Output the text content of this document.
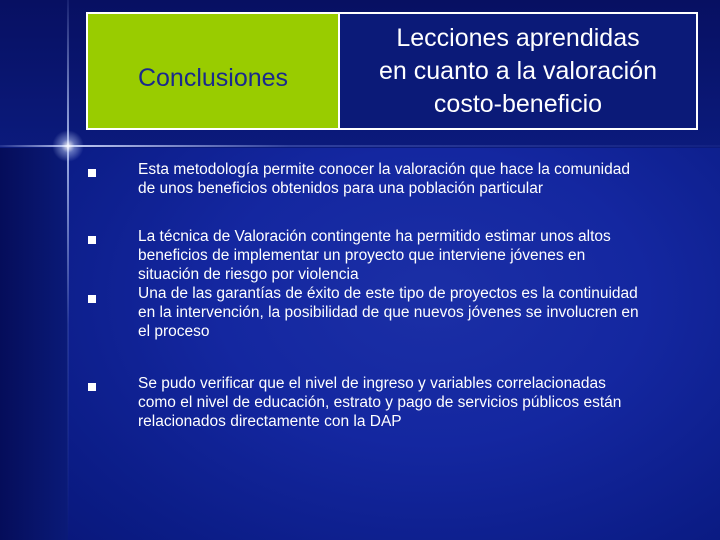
Conclusiones
Lecciones aprendidas
en cuanto a la valoración
costo-beneficio
Esta metodología permite conocer la valoración que hace la comunidad
de unos beneficios obtenidos para una población particular
La técnica de Valoración contingente ha permitido estimar unos altos
beneficios de implementar un proyecto que interviene jóvenes en
situación de riesgo por violencia
Una de las garantías de éxito de este tipo de proyectos es la continuidad
en la intervención, la posibilidad de que nuevos jóvenes se involucren en
el proceso
Se pudo verificar que el nivel de ingreso y variables correlacionadas
como el nivel de educación, estrato y pago de servicios públicos están
relacionados directamente con la DAP
